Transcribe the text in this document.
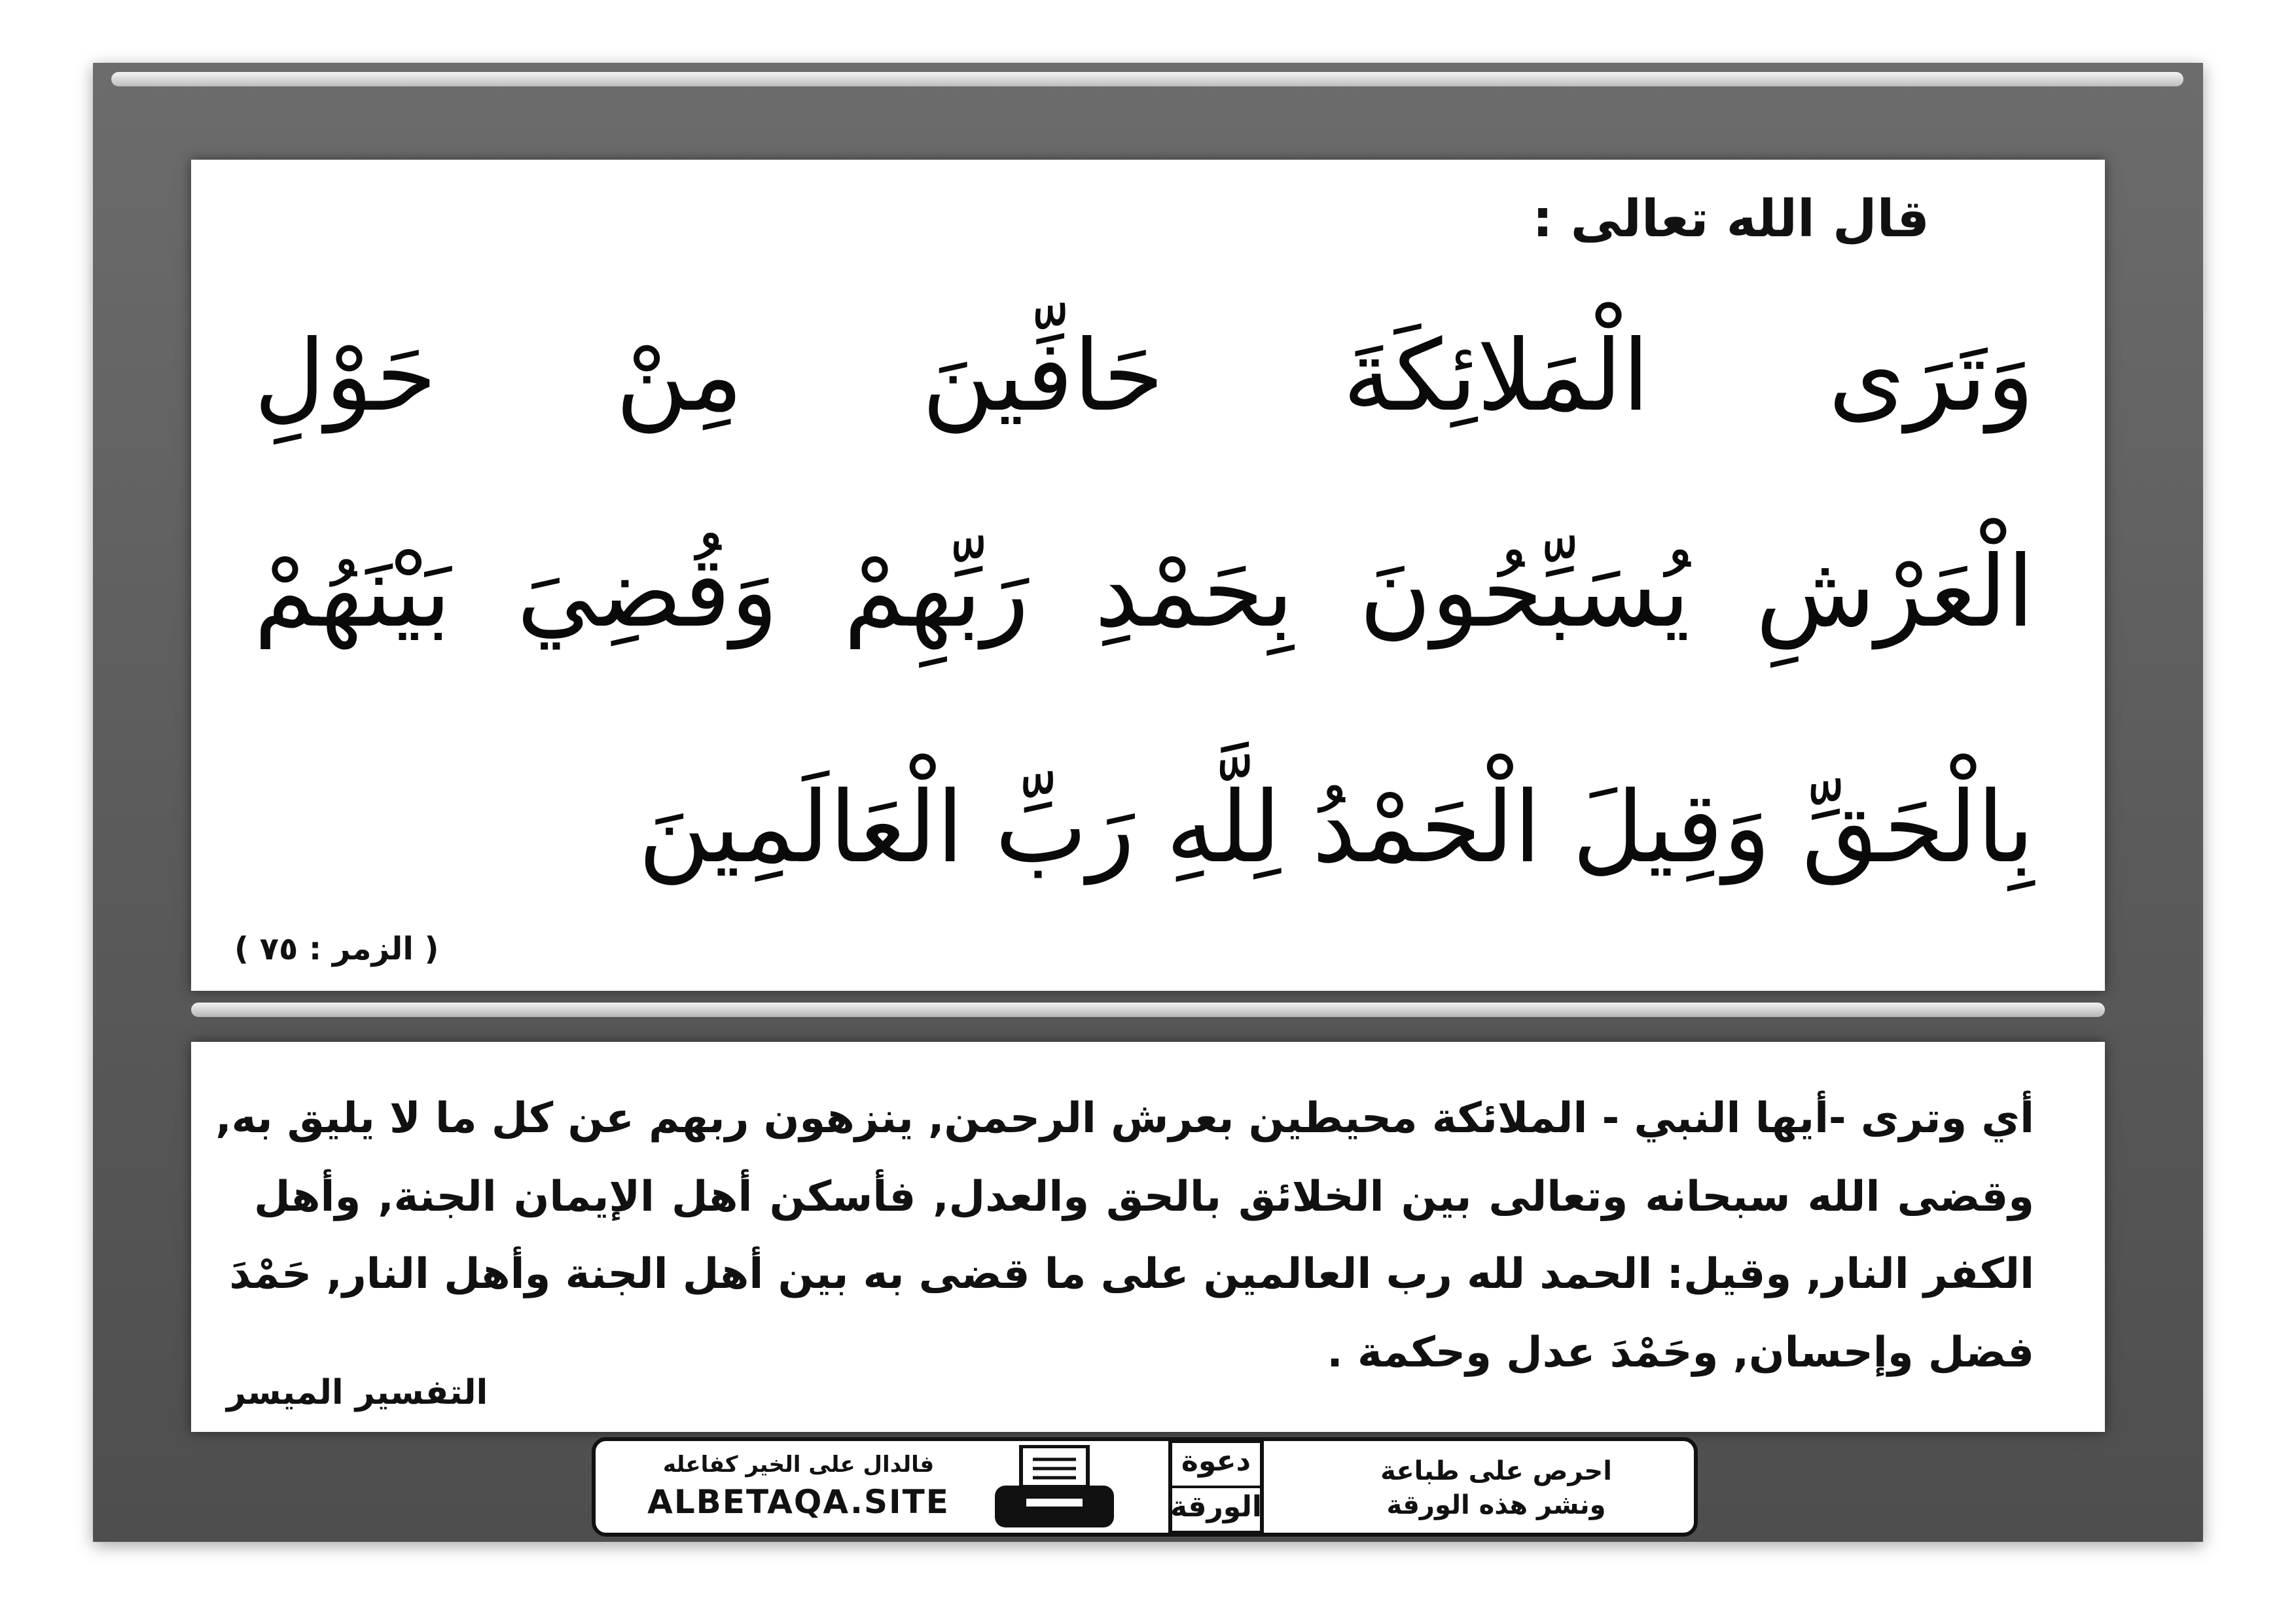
قال الله تعالى :
وَتَرَى الْمَلائِكَةَ حَافِّينَ مِنْ حَوْلِ
الْعَرْشِ يُسَبِّحُونَ بِحَمْدِ رَبِّهِمْ وَقُضِيَ بَيْنَهُمْ
بِالْحَقِّ وَقِيلَ الْحَمْدُ لِلَّهِ رَبِّ الْعَالَمِينَ
( الزمر : ٧٥ )
أي وترى -أيها النبي - الملائكة محيطين بعرش الرحمن, ينزهون ربهم عن كل ما لا يليق به,
وقضى الله سبحانه وتعالى بين الخلائق بالحق والعدل, فأسكن أهل الإيمان الجنة, وأهل
الكفر النار, وقيل: الحمد لله رب العالمين على ما قضى به بين أهل الجنة وأهل النار, حَمْدَ
فضل وإحسان, وحَمْدَ عدل وحكمة .
التفسير الميسر
فالدال على الخير كفاعله
ALBETAQA.SITE
دعوة
الورقة
احرص على طباعة
ونشر هذه الورقة
